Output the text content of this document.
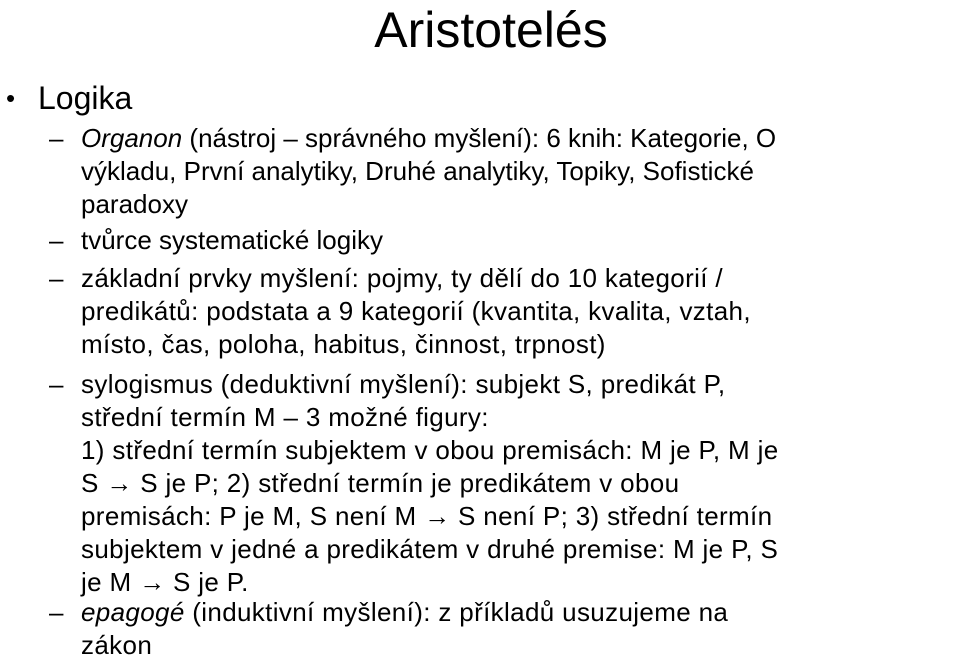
Aristotelés
• Logika
– Organon (nástroj – správného myšlení): 6 knih: Kategorie, O
výkladu, První analytiky, Druhé analytiky, Topiky, Sofistické
paradoxy
– tvůrce systematické logiky
– základní prvky myšlení: pojmy, ty dělí do 10 kategorií /
predikátů: podstata a 9 kategorií (kvantita, kvalita, vztah,
místo, čas, poloha, habitus, činnost, trpnost)
– sylogismus (deduktivní myšlení): subjekt S, predikát P,
střední termín M – 3 možné figury:
1) střední termín subjektem v obou premisách: M je P, M je
S → S je P; 2) střední termín je predikátem v obou
premisách: P je M, S není M → S není P; 3) střední termín
subjektem v jedné a predikátem v druhé premise: M je P, S
je M → S je P.
– epagogé (induktivní myšlení): z příkladů usuzujeme na
zákon
